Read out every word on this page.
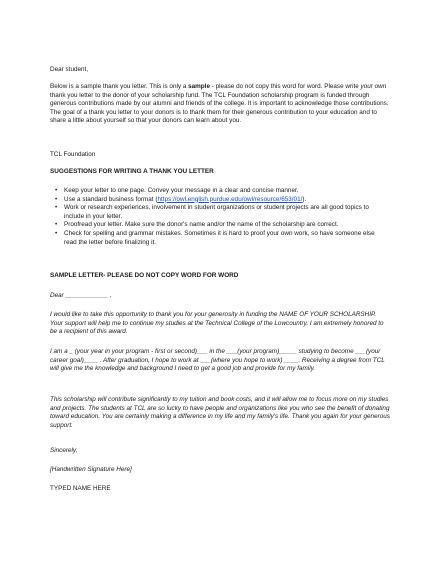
Dear student,

Below is a sample thank you letter. This is only a sample - please do not copy this word for word. Please write your own thank you letter to the donor of your scholarship fund. The TCL Foundation scholarship program is funded through generous contributions made by our alumni and friends of the college. It is important to acknowledge those contributions. The goal of a thank you letter to your donors is to thank them for their generous contribution to your education and to share a little about yourself so that your donors can learn about you.

TCL Foundation

SUGGESTIONS FOR WRITING A THANK YOU LETTER

• Keep your letter to one page. Convey your message in a clear and concise manner.
• Use a standard business format (https://owl.english.purdue.edu/owl/resource/653/01/).
• Work or research experiences, involvement in student organizations or student projects are all good topics to include in your letter.
• Proofread your letter. Make sure the donor's name and/or the name of the scholarship are correct.
• Check for spelling and grammar mistakes. Sometimes it is hard to proof your own work, so have someone else read the letter before finalizing it.

SAMPLE LETTER- PLEASE DO NOT COPY WORD FOR WORD

Dear ____________ ,

I would like to take this opportunity to thank you for your generosity in funding the NAME OF YOUR SCHOLARSHIP. Your support will help me to continue my studies at the Technical College of the Lowcountry. I am extremely honored to be a recipient of this award.

I am a _ (your year in your program - first or second)___ in the ___(your program)_____ studying to become ___(your career goal)____ . After graduation, I hope to work at ___(where you hope to work) ____. Receiving a degree from TCL will give me the knowledge and background I need to get a good job and provide for my family.

This scholarship will contribute significantly to my tuition and book costs, and it will allow me to focus more on my studies and projects. The students at TCL are so lucky to have people and organizations like you who see the benefit of donating toward education. You are certainly making a difference in my life and my family's life. Thank you again for your generous support.

Sincerely,

[Handwritten Signature Here]

TYPED NAME HERE
